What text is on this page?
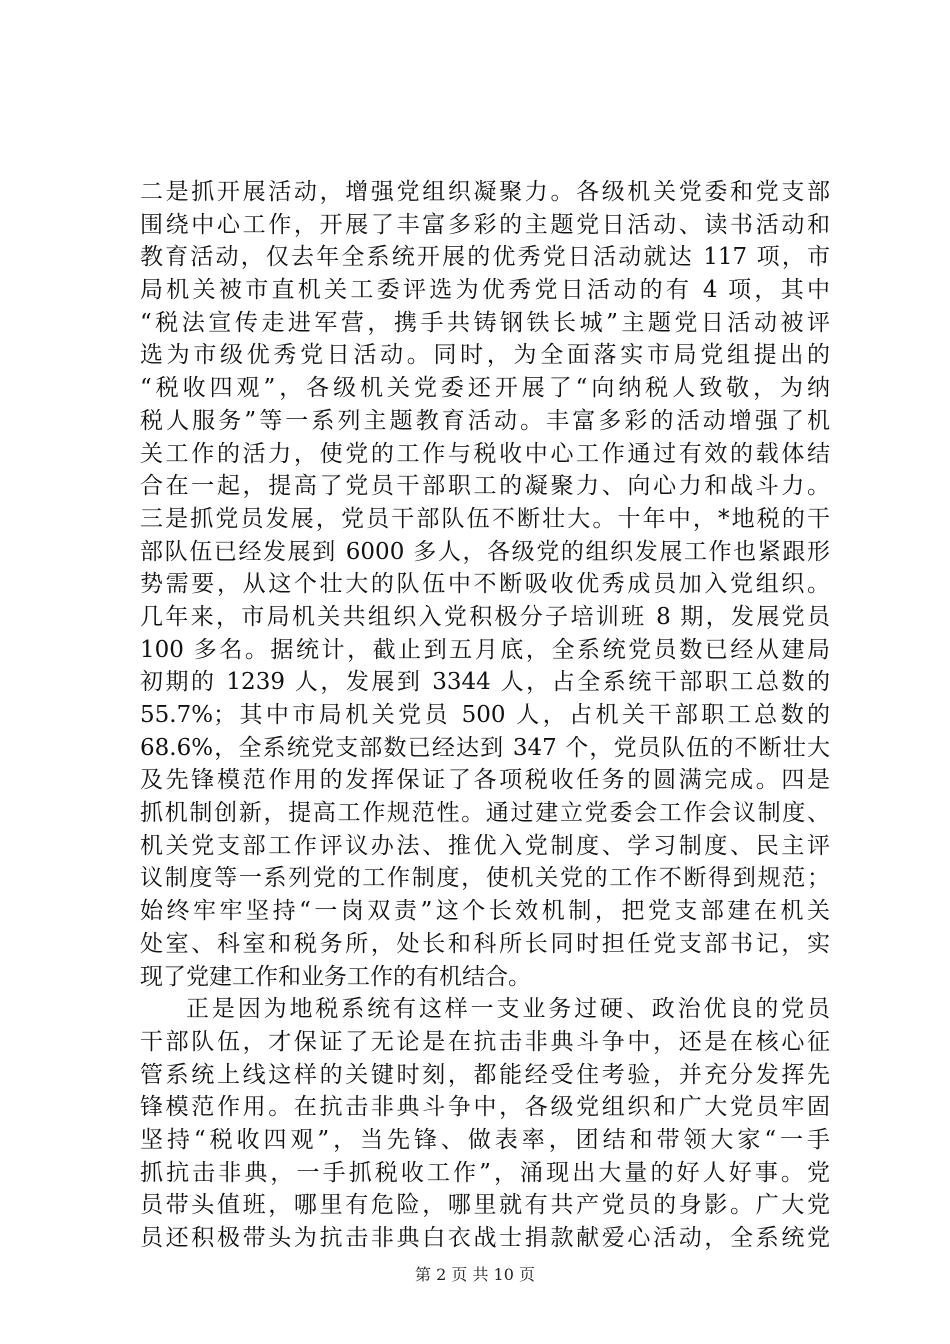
二是抓开展活动，增强党组织凝聚力。各级机关党委和党支部
围绕中心工作，开展了丰富多彩的主题党日活动、读书活动和
教育活动，仅去年全系统开展的优秀党日活动就达 117 项，市
局机关被市直机关工委评选为优秀党日活动的有 4 项，其中
“税法宣传走进军营，携手共铸钢铁长城”主题党日活动被评
选为市级优秀党日活动。同时，为全面落实市局党组提出的
“税收四观”，各级机关党委还开展了“向纳税人致敬，为纳
税人服务”等一系列主题教育活动。丰富多彩的活动增强了机
关工作的活力，使党的工作与税收中心工作通过有效的载体结
合在一起，提高了党员干部职工的凝聚力、向心力和战斗力。
三是抓党员发展，党员干部队伍不断壮大。十年中，*地税的干
部队伍已经发展到 6000 多人，各级党的组织发展工作也紧跟形
势需要，从这个壮大的队伍中不断吸收优秀成员加入党组织。
几年来，市局机关共组织入党积极分子培训班 8 期，发展党员
100 多名。据统计，截止到五月底，全系统党员数已经从建局
初期的 1239 人，发展到 3344 人，占全系统干部职工总数的
55.7%；其中市局机关党员 500 人，占机关干部职工总数的
68.6%，全系统党支部数已经达到 347 个，党员队伍的不断壮大
及先锋模范作用的发挥保证了各项税收任务的圆满完成。四是
抓机制创新，提高工作规范性。通过建立党委会工作会议制度、
机关党支部工作评议办法、推优入党制度、学习制度、民主评
议制度等一系列党的工作制度，使机关党的工作不断得到规范；
始终牢牢坚持“一岗双责”这个长效机制，把党支部建在机关
处室、科室和税务所，处长和科所长同时担任党支部书记，实
现了党建工作和业务工作的有机结合。
正是因为地税系统有这样一支业务过硬、政治优良的党员
干部队伍，才保证了无论是在抗击非典斗争中，还是在核心征
管系统上线这样的关键时刻，都能经受住考验，并充分发挥先
锋模范作用。在抗击非典斗争中，各级党组织和广大党员牢固
坚持“税收四观”，当先锋、做表率，团结和带领大家“一手
抓抗击非典，一手抓税收工作”，涌现出大量的好人好事。党
员带头值班，哪里有危险，哪里就有共产党员的身影。广大党
员还积极带头为抗击非典白衣战士捐款献爱心活动，全系统党
第 2 页 共 10 页
